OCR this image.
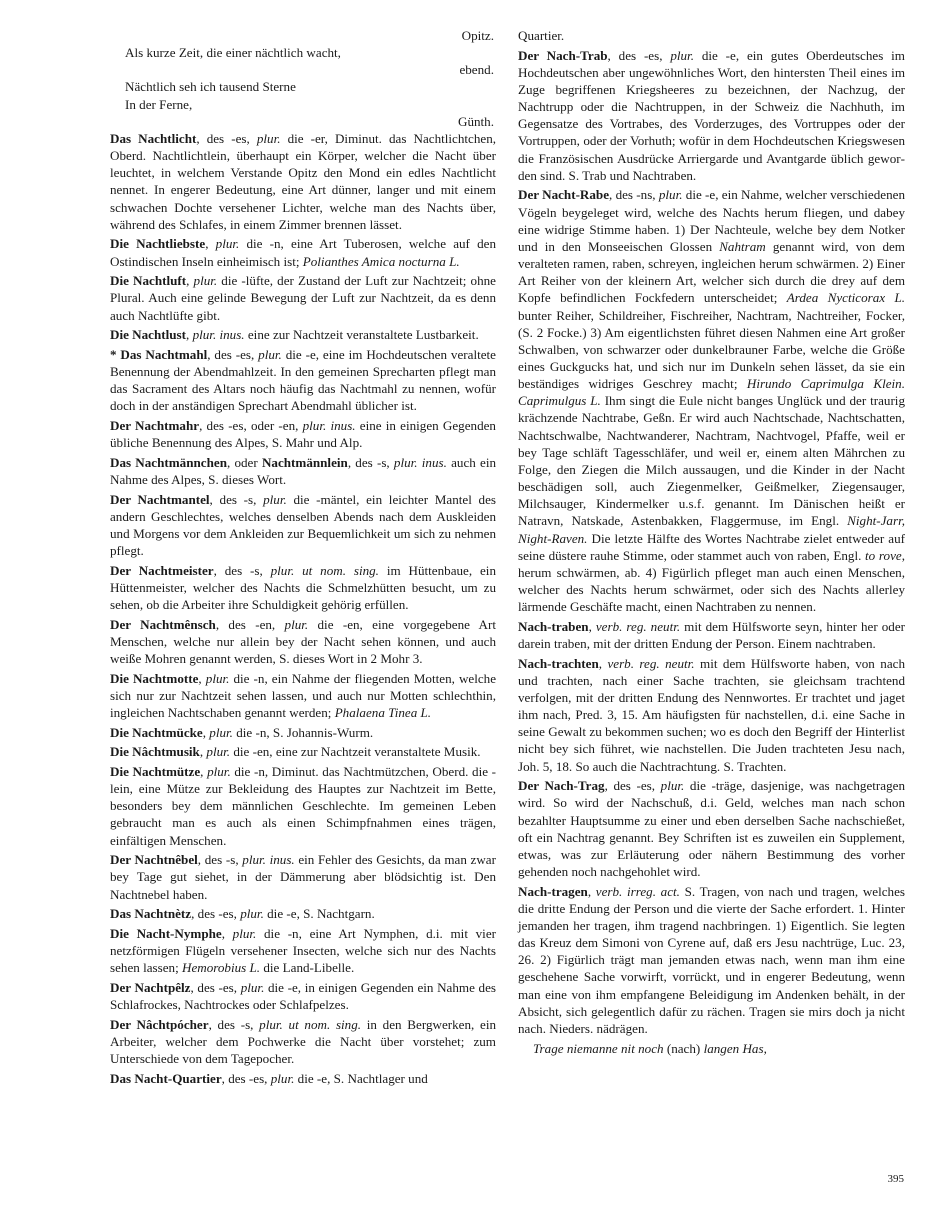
Opitz.
Als kurze Zeit, die einer nächtlich wacht,
ebend.
Nächtlich seh ich tausend Sterne
In der Ferne,
Günth.
Das Nachtlicht, des -es, plur. die -er, Diminut. das Nachtlichtchen, Oberd. Nachtlichtlein, überhaupt ein Körper, welcher die Nacht über leuchtet, in welchem Verstande Opitz den Mond ein edles Nachtlicht nennet. In engerer Bedeutung, eine Art dünner, langer und mit einem schwachen Dochte versehener Lichter, welche man des Nachts über, während des Schlafes, in einem Zimmer brennen lässet.
Die Nachtliebste, plur. die -n, eine Art Tuberosen, welche auf den Ostindischen Inseln einheimisch ist; Polianthes Amica nocturna L.
Die Nachtluft, plur. die -lüfte, der Zustand der Luft zur Nachtzeit; ohne Plural. Auch eine gelinde Bewegung der Luft zur Nachtzeit, da es denn auch Nachtlüfte gibt.
Die Nachtlust, plur. inus. eine zur Nachtzeit veranstaltete Lustbarkeit.
* Das Nachtmahl, des -es, plur. die -e, eine im Hochdeutschen veraltete Benennung der Abendmahlzeit. In den gemeinen Sprecharten pflegt man das Sacrament des Altars noch häufig das Nachtmahl zu nennen, wofür doch in der anständigen Sprechart Abendmahl üblicher ist.
Der Nachtmahr, des -es, oder -en, plur. inus. eine in einigen Gegenden übliche Benennung des Alpes, S. Mahr und Alp.
Das Nachtmännchen, oder Nachtmännlein, des -s, plur. inus. auch ein Nahme des Alpes, S. dieses Wort.
Der Nachtmantel, des -s, plur. die -mäntel, ein leichter Mantel des andern Geschlechtes, welches denselben Abends nach dem Auskleiden und Morgens vor dem Ankleiden zur Bequemlichkeit um sich zu nehmen pflegt.
Der Nachtmeister, des -s, plur. ut nom. sing. im Hüttenbaue, ein Hüttenmeister, welcher des Nachts die Schmelzhütten besucht, um zu sehen, ob die Arbeiter ihre Schuldigkeit gehörig erfüllen.
Der Nachtmênsch, des -en, plur. die -en, eine vorgegebene Art Menschen, welche nur allein bey der Nacht sehen können, und auch weiße Mohren genannt werden, S. dieses Wort in 2 Mohr 3.
Die Nachtmotte, plur. die -n, ein Nahme der fliegenden Motten, welche sich nur zur Nachtzeit sehen lassen, und auch nur Motten schlechthin, ingleichen Nachtschaben genannt werden; Phalaena Tinea L.
Die Nachtmücke, plur. die -n, S. Johannis-Wurm.
Die Nâchtmusik, plur. die -en, eine zur Nachtzeit veranstaltete Musik.
Die Nachtmütze, plur. die -n, Diminut. das Nachtmützchen, Oberd. die -lein, eine Mütze zur Bekleidung des Hauptes zur Nachtzeit im Bette, besonders bey dem männlichen Geschlechte. Im gemeinen Leben gebraucht man es auch als einen Schimpfnahmen eines trägen, einfältigen Menschen.
Der Nachtnêbel, des -s, plur. inus. ein Fehler des Gesichts, da man zwar bey Tage gut siehet, in der Dämmerung aber blödsichtig ist. Den Nachtnebel haben.
Das Nachtnètz, des -es, plur. die -e, S. Nachtgarn.
Die Nacht-Nymphe, plur. die -n, eine Art Nymphen, d.i. mit vier netzförmigen Flügeln versehener Insecten, welche sich nur des Nachts sehen lassen; Hemorobius L. die Land-Libelle.
Der Nachtpêlz, des -es, plur. die -e, in einigen Gegenden ein Nahme des Schlafrockes, Nachtrockes oder Schlafpelzes.
Der Nâchtpócher, des -s, plur. ut nom. sing. in den Bergwerken, ein Arbeiter, welcher dem Pochwerke die Nacht über vorstehet; zum Unterschiede von dem Tagepocher.
Das Nacht-Quartier, des -es, plur. die -e, S. Nachtlager und
Quartier.
Der Nach-Trab, des -es, plur. die -e, ein gutes Oberdeutsches im Hochdeutschen aber ungewöhnliches Wort, den hintersten Theil eines im Zuge begriffenen Kriegsheeres zu bezeichnen, der Nachzug, der Nachtrupp oder die Nachtruppen, in der Schweiz die Nachhuth, im Gegensatze des Vortrabes, des Vorderzuges, des Vortruppes oder der Vortruppen, oder der Vorhuth; wofür in dem Hochdeutschen Kriegswesen die Französischen Ausdrücke Arriergarde und Avantgarde üblich geworden sind. S. Trab und Nachtraben.
Der Nacht-Rabe, des -ns, plur. die -e, ein Nahme, welcher verschiedenen Vögeln beygeleget wird, welche des Nachts herum fliegen, und dabey eine widrige Stimme haben. 1) Der Nachteule, welche bey dem Notker und in den Monseeischen Glossen Nahtram genannt wird, von dem veralteten ramen, raben, schreyen, ingleichen herum schwärmen. 2) Einer Art Reiher von der kleinern Art, welcher sich durch die drey auf dem Kopfe befindlichen Fockfedern unterscheidet; Ardea Nycticorax L. bunter Reiher, Schildreiher, Fischreiher, Nachtram, Nachtreiher, Focker, (S. 2 Focke.) 3) Am eigentlichsten führet diesen Nahmen eine Art großer Schwalben, von schwarzer oder dunkelbrauner Farbe, welche die Größe eines Guckgucks hat, und sich nur im Dunkeln sehen lässet, da sie ein beständiges widriges Geschrey macht; Hirundo Caprimulga Klein. Caprimulgus L. Ihm singt die Eule nicht banges Unglück und der traurig krächzende Nachtrabe, Geßn. Er wird auch Nachtschade, Nachtschatten, Nachtschwalbe, Nachtwanderer, Nachtram, Nachtvogel, Pfaffe, weil er bey Tage schläft Tagesschläfer, und weil er, einem alten Mährchen zu Folge, den Ziegen die Milch aussaugen, und die Kinder in der Nacht beschädigen soll, auch Ziegenmelker, Geißmelker, Ziegensauger, Milchsauger, Kindermelker u.s.f. genannt. Im Dänischen heißt er Natravn, Natskade, Astenbakken, Flaggermuse, im Engl. Night-Jarr, Night-Raven. Die letzte Hälfte des Wortes Nachtrabe zielet entweder auf seine düstere rauhe Stimme, oder stammet auch von raben, Engl. to rove, herum schwärmen, ab. 4) Figürlich pfleget man auch einen Menschen, welcher des Nachts herum schwärmet, oder sich des Nachts allerley lärmende Geschäfte macht, einen Nachtraben zu nennen.
Nach-traben, verb. reg. neutr. mit dem Hülfsworte seyn, hinter her oder darein traben, mit der dritten Endung der Person. Einem nachtraben.
Nach-trachten, verb. reg. neutr. mit dem Hülfsworte haben, von nach und trachten, nach einer Sache trachten, sie gleichsam trachtend verfolgen, mit der dritten Endung des Nennwortes. Er trachtet und jaget ihm nach, Pred. 3, 15. Am häufigsten für nachstellen, d.i. eine Sache in seine Gewalt zu bekommen suchen; wo es doch den Begriff der Hinterlist nicht bey sich führet, wie nachstellen. Die Juden trachteten Jesu nach, Joh. 5, 18. So auch die Nachtrachtung. S. Trachten.
Der Nach-Trag, des -es, plur. die -träge, dasjenige, was nachgetragen wird. So wird der Nachschuß, d.i. Geld, welches man nach schon bezahlter Hauptsumme zu einer und eben derselben Sache nachschießet, oft ein Nachtrag genannt. Bey Schriften ist es zuweilen ein Supplement, etwas, was zur Erläuterung oder nähern Bestimmung des vorher gehenden noch nachgehohlet wird.
Nach-tragen, verb. irreg. act. S. Tragen, von nach und tragen, welches die dritte Endung der Person und die vierte der Sache erfordert. 1. Hinter jemanden her tragen, ihm tragend nachbringen. 1) Eigentlich. Sie legten das Kreuz dem Simoni von Cyrene auf, daß ers Jesu nachtrüge, Luc. 23, 26. 2) Figürlich trägt man jemanden etwas nach, wenn man ihm eine geschehene Sache vorwirft, vorrückt, und in engerer Bedeutung, wenn man eine von ihm empfangene Beleidigung im Andenken behält, in der Absicht, sich gelegentlich dafür zu rächen. Tragen sie mirs doch ja nicht nach. Nieders. nädrägen.
Trage niemanne nit noch (nach) langen Has,
395
